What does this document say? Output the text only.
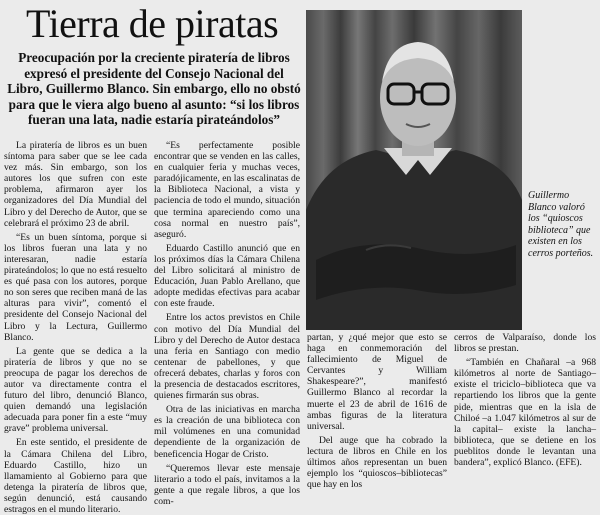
Tierra de piratas

Preocupación por la creciente piratería de libros expresó el presidente del Consejo Nacional del Libro, Guillermo Blanco. Sin embargo, ello no obstó para que le viera algo bueno al asunto: “si los libros fueran una lata, nadie estaría pirateándolos”

Guillermo Blanco valoró los “quioscos biblioteca” que existen en los cerros porteños.

La piratería de libros es un buen síntoma para saber que se lee cada vez más. Sin embargo, son los autores los que sufren con este problema, afirmaron ayer los organizadores del Día Mundial del Libro y del Derecho de Autor, que se celebrará el próximo 23 de abril.

“Es un buen síntoma, porque si los libros fueran una lata y no interesaran, nadie estaría pirateándolos; lo que no está resuelto es qué pasa con los autores, porque no son seres que reciben maná de las alturas para vivir”, comentó el presidente del Consejo Nacional del Libro y la Lectura, Guillermo Blanco.

La gente que se dedica a la piratería de libros y que no se preocupa de pagar los derechos de autor va directamente contra el futuro del libro, denunció Blanco, quien demandó una legislación adecuada para poner fin a este “muy grave” problema universal.

En este sentido, el presidente de la Cámara Chilena del Libro, Eduardo Castillo, hizo un llamamiento al Gobierno para que detenga la piratería de libros que, según denunció, está causando estragos en el mundo literario.

“Es perfectamente posible encontrar que se venden en las calles, en cualquier feria y muchas veces, paradójicamente, en las escalinatas de la Biblioteca Nacional, a vista y paciencia de todo el mundo, situación que termina apareciendo como una cosa normal en nuestro país”, aseguró.

Eduardo Castillo anunció que en los próximos días la Cámara Chilena del Libro solicitará al ministro de Educación, Juan Pablo Arellano, que adopte medidas efectivas para acabar con este fraude.

Entre los actos previstos en Chile con motivo del Día Mundial del Libro y del Derecho de Autor destaca una feria en Santiago con medio centenar de pabellones, y que ofrecerá debates, charlas y foros con la presencia de destacados escritores, quienes firmarán sus obras.

Otra de las iniciativas en marcha es la creación de una biblioteca con mil volúmenes en una comunidad dependiente de la organización de beneficencia Hogar de Cristo.

“Queremos llevar este mensaje literario a todo el país, invitamos a la gente a que regale libros, a que los com-

partan, y ¿qué mejor que esto se haga en conmemoración del fallecimiento de Miguel de Cervantes y William Shakespeare?”, manifestó Guillermo Blanco al recordar la muerte el 23 de abril de 1616 de ambas figuras de la literatura universal.

Del auge que ha cobrado la lectura de libros en Chile en los últimos años representan un buen ejemplo los “quioscos–bibliotecas” que hay en los

cerros de Valparaíso, donde los libros se prestan.

“También en Chañaral –a 968 kilómetros al norte de Santiago– existe el triciclo–biblioteca que va repartiendo los libros que la gente pide, mientras que en la isla de Chiloé –a 1.047 kilómetros al sur de la capital– existe la lancha–biblioteca, que se detiene en los pueblitos donde le levantan una bandera”, explicó Blanco. (EFE).
